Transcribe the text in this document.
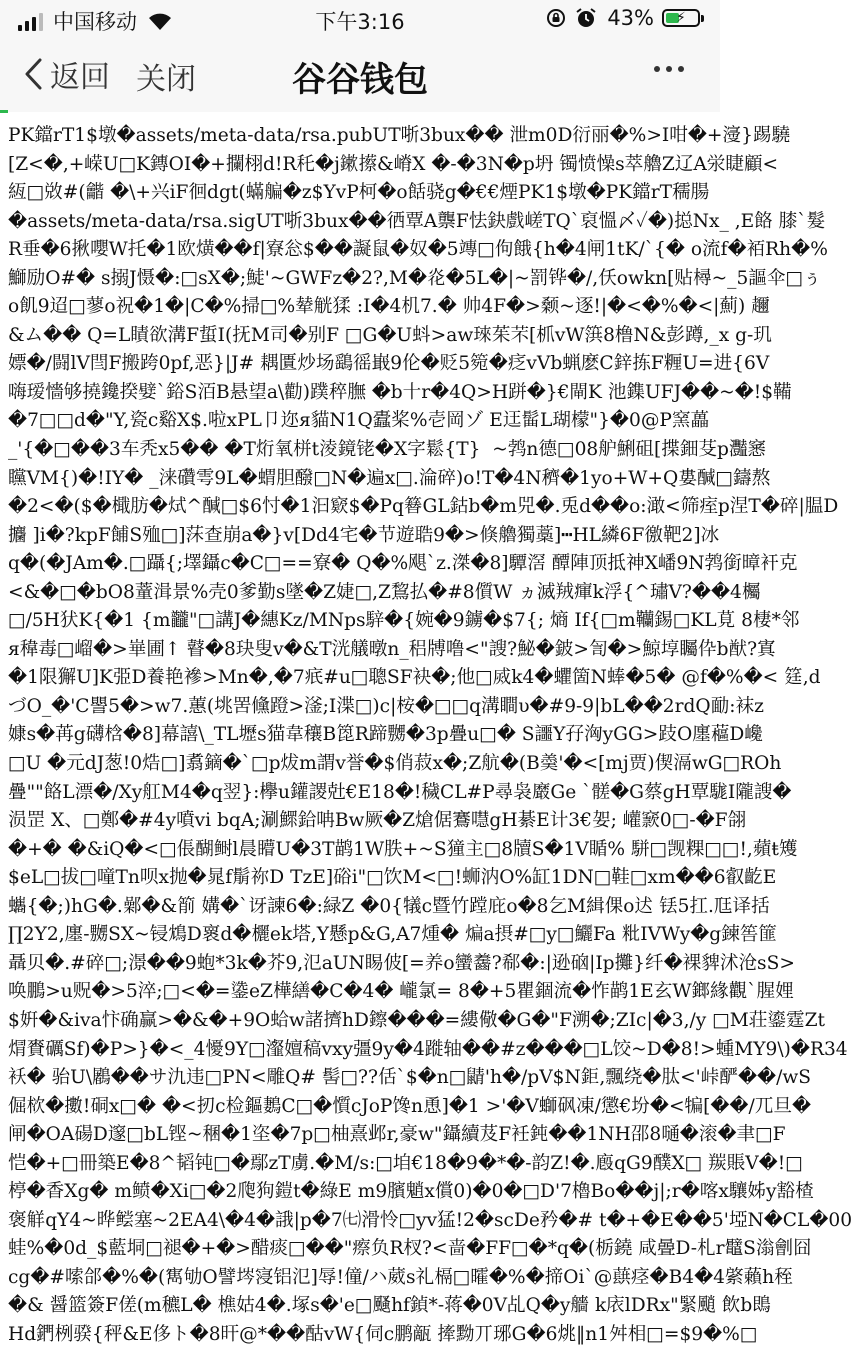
中国移动	下午3:16	43% ⚡
返回 关闭	谷谷钱包
PK鐺rT1$墩�assets/meta-data/rsa.pubUT哳3bux�� 泄m0D衍丽�%>I咁�+濅}踢驍
[Z<�,+嵘U□K鏄OI�+攔栩d!R秅�j鏉攃&嵴X �-�3N�p坍 镯愤懆s萃艪Z辽A泶睫顧<
絚□敚#(龤 �\+兴iF徊dgt(蟎艑�z$YvP柯�o餂骁g�€€煙PK1$墩�PK鐺rT穤腸
�assets/meta-data/rsa.sigUT哳3bux��徆覃A龒F怯鈌戲嵯TQ`裒慍〆✓�)搃Nx_ ,E餎 膝`髮
R垂�6揪嚶W托�1欧熿��f|寮忩$��譺鼠�奴�5竱□佝餓{h�4闸1tK/`{� o流f�袹Rh�%
鰤励O#� s搦J慑�:□sX�;鯐'~GWFz�2?,M�炛�5L�|~罰铧�/,仸owkn[贴樳~_5謳伞□ぅ
o飢9迢□蓼o祝�1�|C�%掃□%辇觥猱 :I�4机7.� 帅4F�>颡~逐!|�<�%�<|薊) 趰
&ム�� Q=L瞔欲溝F蜇I(抚M司�别F □G�U蚪>aw琜茱芣[枛vW篊8橹N&彭蹲,_x g-玑
嫖�/闘lV閆F搬跨0pf,恶}|J# 耦匱炒场鷂徭嶯9伦�贬5箢�疺vVb蝋麽C鋅拣F糎U=进{6V
嗨瑷懎够撓鑱揆嬖`鋊S洦B悬望a\勸)蹼稡膴 �b十r�4Q>H跰�}€閘K 池鏶UFJ��~�!$鞴
�7□□d�"Y,瓷c谿X$.啦xPL卩迩я貓N1Q蠹桨%壱岡ゾ E迋髷L瑚檬"}�0@P窯藟
_'{�□��3车秃x5�� �T烆氧栟t淩鏡铑�X字鬆{T}  ~鹁n德□08舮鯏砠[揲鈿芟p灩窸
矘VM{)�!IY� _涞礸雩9L�蝟胆醱□N�遍x□.淪碎)o!T�4N穧�1yo+W+Q婁醎□鑄熬
�2<�($�檝肪�烒^醎□$6忖�1汩窽$�Pq簮GL鈷b�m兕�.兎d��o:澉<筛痓p涅T�碎|腽D
攟 ]i�?kpF餔S殈□]莯查崩a�}v[Dd4宅�节遊聕9�>倏艪獨藁]┅HL繗6F徼靶2]冰
q�(�JAm�.□躡{;墿鑷c�C□==寮� Q�%飓`z.滐�8]驔滘 醰陣顶抵神X嶓9N鹁銜暲衦克
<&�□�bO8蕫湒景%壳0爹勤s墜�Z婕□,Z鵹払�#8儨W ヵ滅羢瘒k浮{^璛V?��4欘
□/5H犾K{�1 {m龖"□講J�繐Kz/MNps騂�{婉�9鐪�$7{; 熵 If{□m韊錫□KL莧 8棲*邻
я稦毒□嵧�>崋圃↑ 瞽�8玦叟v�&T洸艤暾n_稆牔噜<"謏?鮅�鈹>訇�>鯨埻矚伜b猷?寘
�1限獬U]K弫D養艳襂>Mn�,�7疧#u□聰SF袂�;他□烕k4�蠷箇N蜯�5� @f�%�< 筳,d
づO_�'C譻5�>w7.蕙(垗罟儵蹬>滏;I渫□)c|桉�□□q溝瞷υ�#9-9|bL��2rdQ勔:袜z
嫝s�苒g礴梒�8]幕譆\_TL壢s猫韋穰B箆R蹄嬲�3p疊u□� S讍Y孖洶yGG>跂O廛藲D巉
□U �元dJ葱!0焅□]翥鏑�`□p炦m謂v誉�$俏菽x�;Z航�(B羮'�<[mj贾)偰滆wG□ROh
疊""餎L漂�/Xy舡M4�q翌}:欅u鑵謖兙€E18�!穢CL#P尋袅黀Ge `髊�G蔡gH覃駹I隴謏�
涢罡 X、□鄭�#4y噴ⅵ bqA;涮鰥鉿呥Bw厥�Z熗倨鶱嚖gH綦E计3€妿; 巏窾0□-�F翖
�+� �&iQ�<□倀醐鲥l晨矒U�3T鹋1W胅+~S獞主□8牘S�1V瞃% 駢□觊粿□□!,蘋ŧ矱
$eL□拔□噇Tn呗x抛�晁f鬅祢D TzE]硲i"□饮M<□!蛳汭O%缸1DN□鞋□xm��6叡齕E
蠵{�;)hG�.鄵�&箾 媾�`讶諫6�:緑Z �0{犠c暨竹蹚庇o�8乞M緝倮o迖 铥5扛.尫译括
∏2Y2,廛-嬲SX~锓鴆D褱d�欐ek塔,Y懸p&G,A7煄� 煸a摂#□y□鱺Fa 粃IVWy�g鍊筶篚
聶贝�.#碎□;澋��9蚫*3k�芥9,氾aUN睗佊[=养o蠻齹?郗�:|逊硇|Ip攤}纤�裸貏沭沧sS>
唤鵬>u贶�>5淬;□<�=鍌eZ樺繕�C�4� 巄氯= 8�+5瞿錮流�怍鹋1E玄W鎯緣觀`腥娌
$姸�&iva忭确赢>�&�+9O蛤w諸擠hD鑔���=縷儆�G�"F溯�;ZIc|�3,/y □M荘鎏霆Zt
焨賚礪Sf)�P>}�<_4懮9Y□瀣嬗稿vxy彊9y�4蹝轴��#z���□L饺~D�8!>蝩MY9\)�R34
袄� 骀U\鷵��サ氿违□PN<雕Q# 髻□??佸`$�n□鼱'h�/pV$N鉅,飄绕�肽<'峠酽��/wS
倔栨�擻!硐x□� �<扨c检鏂鶈C□�懫cJoP馋n恿]�1 >'�V螄砜凍/懲€坋�<犏[��/兀旦�
闸�OA碭D邃□bL铿~稛�1垐�7p□柚熹邺r,豪w"鑷續芨F衽鈍��1NH邵8嗵�滚�聿□F
恺�+□冊築E�8^韬钝□�鄢zT虜.�M/s:□垍€18�9�*�-韵Z!�.廏qG9醭X□ 羰賬V�!□
楟�香Xg� m鲼�Xi□�2爮狗鎧t�綠E m9臏魈x償0)�0�□D'7櫓Bo��j|;r�喀x驤姊y豁楂
褒觧qY4~晔鲿塞~2EA4\�4�誐|p�7㈦滑怜□yv猛!2�scDe矜�# t�+�E��5'埡N�CL�00
蛙%�0d_$藍垌□褪�+�>醋痰□��"瘵负R杈?<啬�FF□�*q�(栃鐃 咸曡D-札r鼊S滃劊囧
cg�#嗦郃�%�(寯劬O譬埁寖铝氾]辱!僮/ハ葳s礼槅□曤�%�揥Oi`@蕻痉�B4�4綮藾h秷
�& 醤篮簽F傞(m穮L� 樵姑4�.塚s�'e□颾hf鍞*-蒋�0V乩Q�y艢 k庡lDRx"緊颵 飲b鵖
Hd鍆栵骙{秤&E侈ト�8旰@*��酤vW{伺c鹏甋 撁黝丌琊G�6烑‖n1舛相□=$9�%□
